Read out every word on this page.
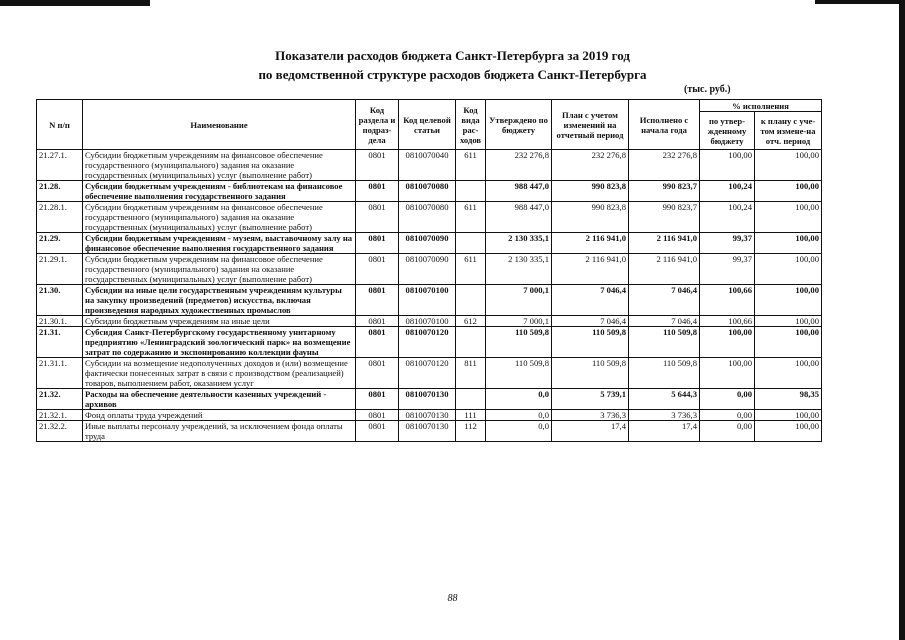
Показатели расходов бюджета Санкт-Петербурга за 2019 год
по ведомственной структуре расходов бюджета Санкт-Петербурга
(тыс. руб.)
N п/п	Наименование	Код раздела и подраз-дела	Код целевой статьи	Код вида рас-ходов	Утверждено по бюджету	План с учетом изменений на отчетный период	Исполнено с начала года	% исполнения	
								по утвер-жденному бюджету	к плану с уче-том измене-на отч. период
21.27.1.	Субсидии бюджетным учреждениям на финансовое обеспечение государственного (муниципального) задания на оказание государственных (муниципальных) услуг (выполнение работ)	0801	0810070040	611	232 276,8	232 276,8	232 276,8	100,00	100,00
21.28.	Субсидии бюджетным учреждениям - библиотекам на финансовое обеспечение выполнения государственного задания	0801	0810070080		988 447,0	990 823,8	990 823,7	100,24	100,00
21.28.1.	Субсидии бюджетным учреждениям на финансовое обеспечение государственного (муниципального) задания на оказание государственных (муниципальных) услуг (выполнение работ)	0801	0810070080	611	988 447,0	990 823,8	990 823,7	100,24	100,00
21.29.	Субсидии бюджетным учреждениям - музеям, выставочному залу на финансовое обеспечение выполнения государственного задания	0801	0810070090		2 130 335,1	2 116 941,0	2 116 941,0	99,37	100,00
21.29.1.	Субсидии бюджетным учреждениям на финансовое обеспечение государственного (муниципального) задания на оказание государственных (муниципальных) услуг (выполнение работ)	0801	0810070090	611	2 130 335,1	2 116 941,0	2 116 941,0	99,37	100,00
21.30.	Субсидии на иные цели государственным учреждениям культуры на закупку произведений (предметов) искусства, включая произведения народных художественных промыслов	0801	0810070100		7 000,1	7 046,4	7 046,4	100,66	100,00
21.30.1.	Субсидии бюджетным учреждениям на иные цели	0801	0810070100	612	7 000,1	7 046,4	7 046,4	100,66	100,00
21.31.	Субсидия Санкт-Петербургскому государственному унитарному предприятию «Ленинградский зоологический парк» на возмещение затрат по содержанию и экспонированию коллекции фауны	0801	0810070120		110 509,8	110 509,8	110 509,8	100,00	100,00
21.31.1.	Субсидии на возмещение недополученных доходов и (или) возмещение фактически понесенных затрат в связи с производством (реализацией) товаров, выполнением работ, оказанием услуг	0801	0810070120	811	110 509,8	110 509,8	110 509,8	100,00	100,00
21.32.	Расходы на обеспечение деятельности казенных учреждений - архивов	0801	0810070130		0,0	5 739,1	5 644,3	0,00	98,35
21.32.1.	Фонд оплаты труда учреждений	0801	0810070130	111	0,0	3 736,3	3 736,3	0,00	100,00
21.32.2.	Иные выплаты персоналу учреждений, за исключением фонда оплаты труда	0801	0810070130	112	0,0	17,4	17,4	0,00	100,00
88
